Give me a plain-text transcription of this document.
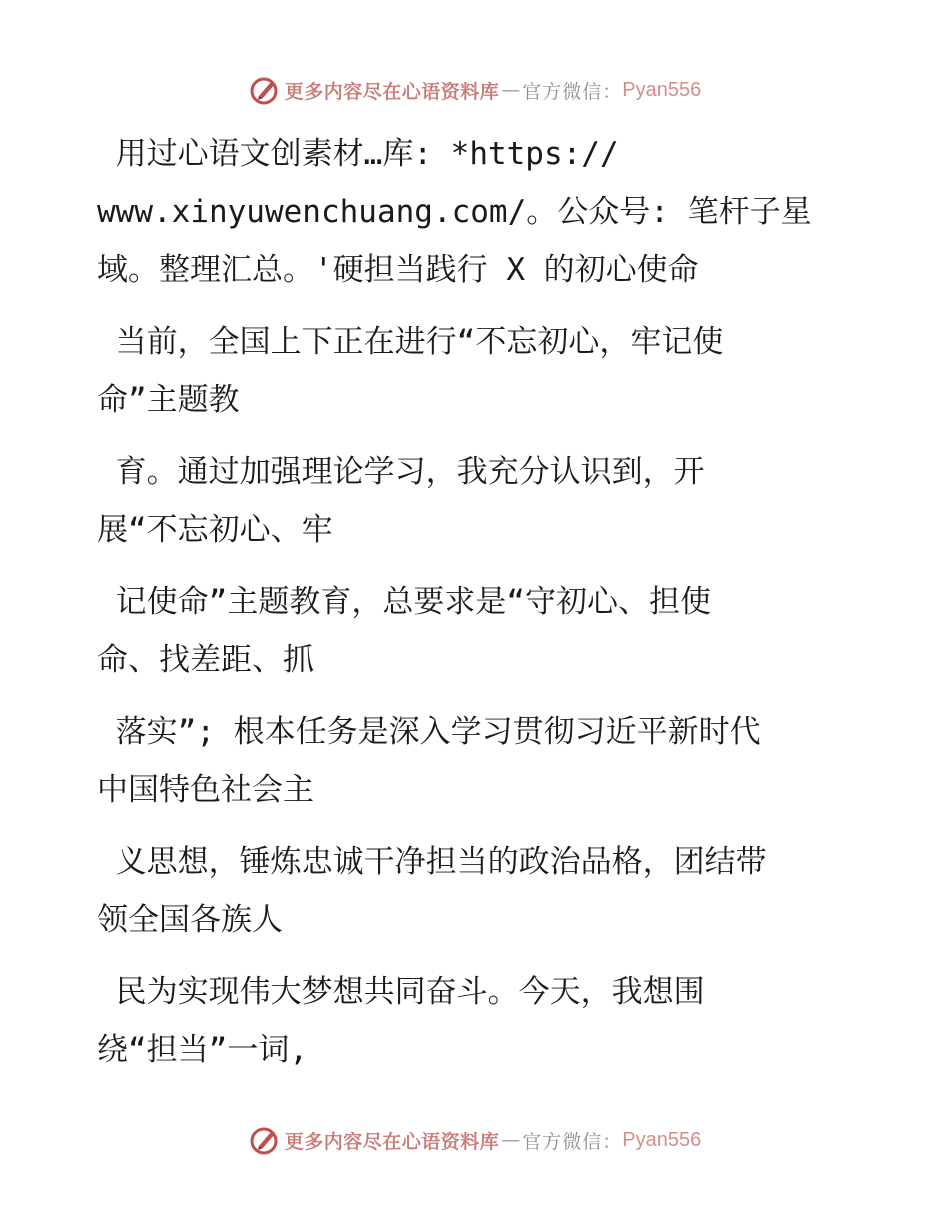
更多内容尽在心语资料库 — 官方微信： Pyan556
用过心语文创素材…库: *https://
www.xinyuwenchuang.com/。公众号: 笔杆子星
域。整理汇总。'硬担当践行 X 的初心使命
当前，全国上下正在进行“不忘初心，牢记使
命”主题教
育。通过加强理论学习，我充分认识到，开
展“不忘初心、牢
记使命”主题教育，总要求是“守初心、担使
命、找差距、抓
落实”; 根本任务是深入学习贯彻习近平新时代
中国特色社会主
义思想，锤炼忠诚干净担当的政治品格，团结带
领全国各族人
民为实现伟大梦想共同奋斗。今天，我想围
绕“担当”一词,
更多内容尽在心语资料库 — 官方微信： Pyan556
